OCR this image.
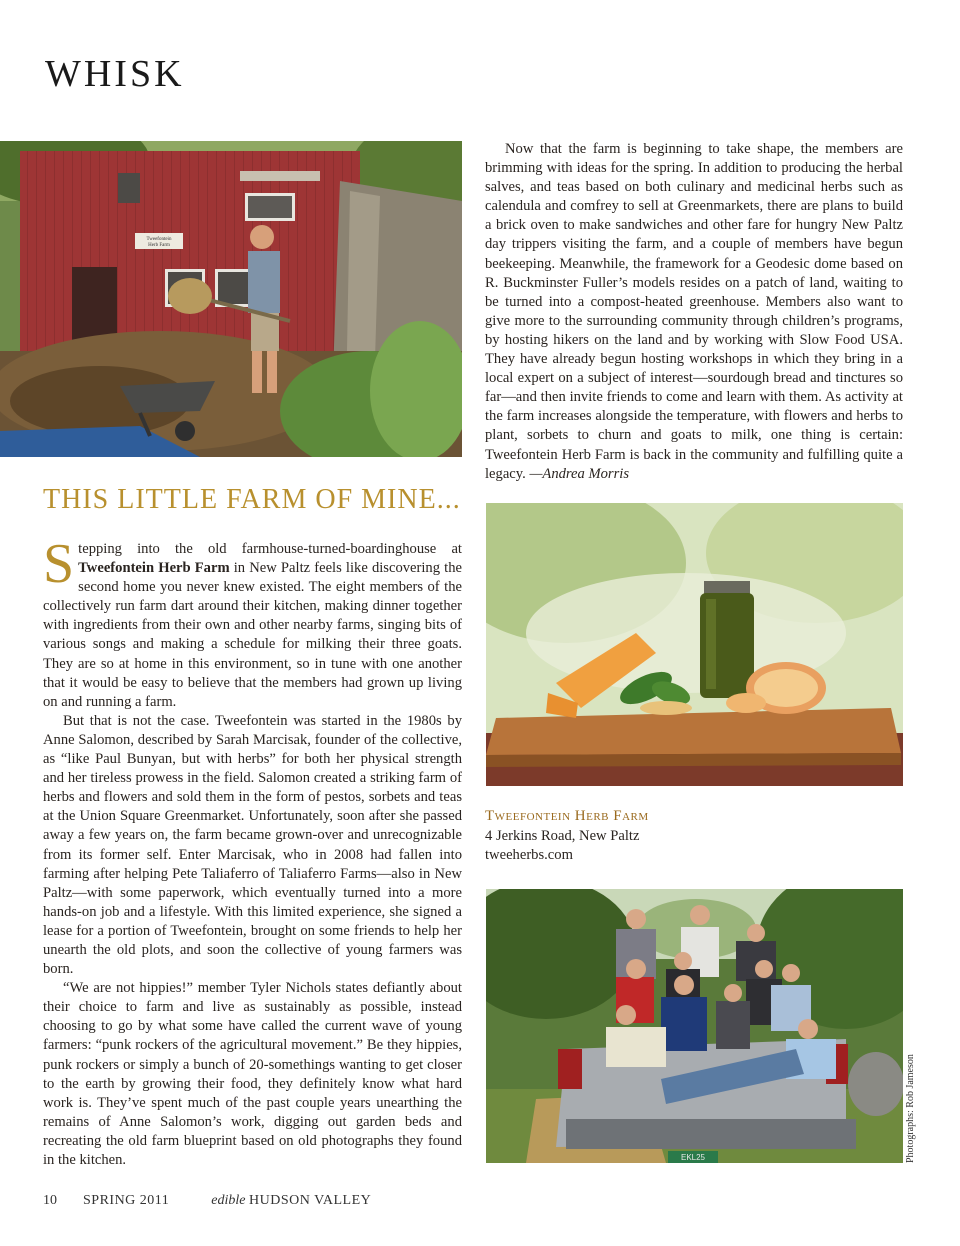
WHISK
Tweefontein
Herb Farm
THIS LITTLE FARM OF MINE...

Stepping into the old farmhouse-turned-boardinghouse at Tweefontein Herb Farm in New Paltz feels like discovering the second home you never knew existed. The eight members of the collectively run farm dart around their kitchen, making dinner together with ingredients from their own and other nearby farms, singing bits of various songs and making a schedule for milking their three goats. They are so at home in this environment, so in tune with one another that it would be easy to believe that the members had grown up living on and running a farm.

But that is not the case. Tweefontein was started in the 1980s by Anne Salomon, described by Sarah Marcisak, founder of the collective, as “like Paul Bunyan, but with herbs” for both her physical strength and her tireless prowess in the field. Salomon created a striking farm of herbs and flowers and sold them in the form of pestos, sorbets and teas at the Union Square Greenmarket. Unfortunately, soon after she passed away a few years on, the farm became grown-over and unrecognizable from its former self. Enter Marcisak, who in 2008 had fallen into farming after helping Pete Taliaferro of Taliaferro Farms—also in New Paltz—with some paperwork, which eventually turned into a more hands-on job and a lifestyle. With this limited experience, she signed a lease for a portion of Tweefontein, brought on some friends to help her unearth the old plots, and soon the collective of young farmers was born.

“We are not hippies!” member Tyler Nichols states defiantly about their choice to farm and live as sustainably as possible, instead choosing to go by what some have called the current wave of young farmers: “punk rockers of the agricultural movement.” Be they hippies, punk rockers or simply a bunch of 20-somethings wanting to get closer to the earth by growing their food, they definitely know what hard work is. They’ve spent much of the past couple years unearthing the remains of Anne Salomon’s work, digging out garden beds and recreating the old farm blueprint based on old photographs they found in the kitchen.

Now that the farm is beginning to take shape, the members are brimming with ideas for the spring. In addition to producing the herbal salves, and teas based on both culinary and medicinal herbs such as calendula and comfrey to sell at Greenmarkets, there are plans to build a brick oven to make sandwiches and other fare for hungry New Paltz day trippers visiting the farm, and a couple of members have begun beekeeping. Meanwhile, the framework for a Geodesic dome based on R. Buckminster Fuller’s models resides on a patch of land, waiting to be turned into a compost-heated greenhouse. Members also want to give more to the surrounding community through children’s programs, by hosting hikers on the land and by working with Slow Food USA. They have already begun hosting workshops in which they bring in a local expert on a subject of interest—sourdough bread and tinctures so far—and then invite friends to come and learn with them. As activity at the farm increases alongside the temperature, with flowers and herbs to plant, sorbets to churn and goats to milk, one thing is certain: Tweefontein Herb Farm is back in the community and fulfilling quite a legacy. —Andrea Morris

Tweefontein Herb Farm
4 Jerkins Road, New Paltz
tweeherbs.com
EKL25	Photographs: Rob Jameson
10 SPRING 2011	edible HUDSON VALLEY
